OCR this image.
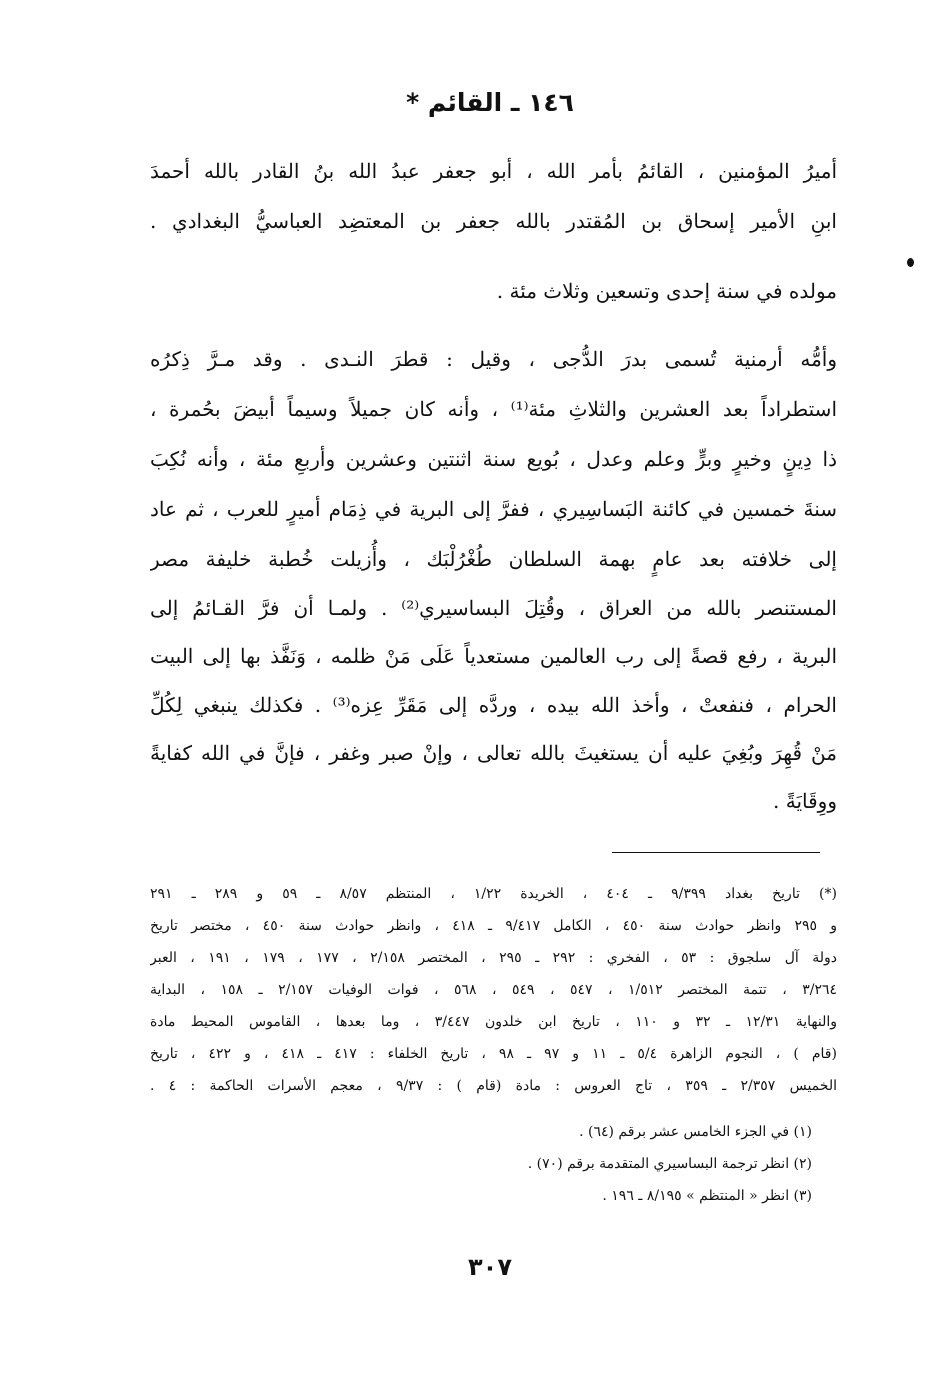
١٤٦ ـ القائم *
أميرُ المؤمنين ، القائمُ بأمر الله ، أبو جعفر عبدُ الله بنُ القادر بالله أحمدَ
ابنِ الأمير إسحاق بن المُقتدر بالله جعفر بن المعتضِد العباسيُّ البغدادي .
مولده في سنة إحدى وتسعين وثلاث مئة .
وأمُّه أرمنية تُسمى بدرَ الدُّجى ، وقيل : قطرَ النـدى . وقد مـرَّ ذِكرُه
استطراداً بعد العشرين والثلاثِ مئة⁽¹⁾ ، وأنه كان جميلاً وسيماً أبيضَ بحُمرة ،
ذا دِينٍ وخيرٍ وبرٍّ وعلم وعدل ، بُويع سنة اثنتين وعشرين وأربعِ مئة ، وأنه نُكِبَ
سنةَ خمسين في كائنة البَساسِيري ، ففرَّ إلى البرية في ذِمَام أميرٍ للعرب ، ثم عاد
إلى خلافته بعد عامٍ بهمة السلطان طُغْرُلْبَك ، وأُزيلت خُطبة خليفة مصر
المستنصر بالله من العراق ، وقُتِلَ البساسيري⁽²⁾ . ولمـا أن فرَّ القـائمُ إلى
البرية ، رفع قصةً إلى رب العالمين مستعدياً عَلَى مَنْ ظلمه ، وَنَفَّذ بها إلى البيت
الحرام ، فنفعتْ ، وأخذ الله بيده ، وردَّه إلى مَقَرِّ عِزه⁽³⁾ . فكذلك ينبغي لِكُلِّ
مَنْ قُهِرَ وبُغِيَ عليه أن يستغيثَ بالله تعالى ، وإنْ صبر وغفر ، فإنَّ في الله كفايةً
ووِقَايَةً .
(*) تاريخ بغداد ٩/٣٩٩ ـ ٤٠٤ ، الخريدة ١/٢٢ ، المنتظم ٨/٥٧ ـ ٥٩ و ٢٨٩ ـ ٢٩١
و ٢٩٥ وانظر حوادث سنة ٤٥٠ ، الكامل ٩/٤١٧ ـ ٤١٨ ، وانظر حوادث سنة ٤٥٠ ، مختصر تاريخ
دولة آل سلجوق : ٥٣ ، الفخري : ٢٩٢ ـ ٢٩٥ ، المختصر ٢/١٥٨ ، ١٧٧ ، ١٧٩ ، ١٩١ ، العبر
٣/٢٦٤ ، تتمة المختصر ١/٥١٢ ، ٥٤٧ ، ٥٤٩ ، ٥٦٨ ، فوات الوفيات ٢/١٥٧ ـ ١٥٨ ، البداية
والنهاية ١٢/٣١ ـ ٣٢ و ١١٠ ، تاريخ ابن خلدون ٣/٤٤٧ ، وما بعدها ، القاموس المحيط مادة
(قام ) ، النجوم الزاهرة ٥/٤ ـ ١١ و ٩٧ ـ ٩٨ ، تاريخ الخلفاء : ٤١٧ ـ ٤١٨ ، و ٤٢٢ ، تاريخ
الخميس ٢/٣٥٧ ـ ٣٥٩ ، تاج العروس : مادة (قام ) : ٩/٣٧ ، معجم الأسرات الحاكمة : ٤ .
(١) في الجزء الخامس عشر برقم (٦٤) .
(٢) انظر ترجمة البساسيري المتقدمة برقم (٧٠) .
(٣) انظر « المنتظم » ٨/١٩٥ ـ ١٩٦ .
٣٠٧
